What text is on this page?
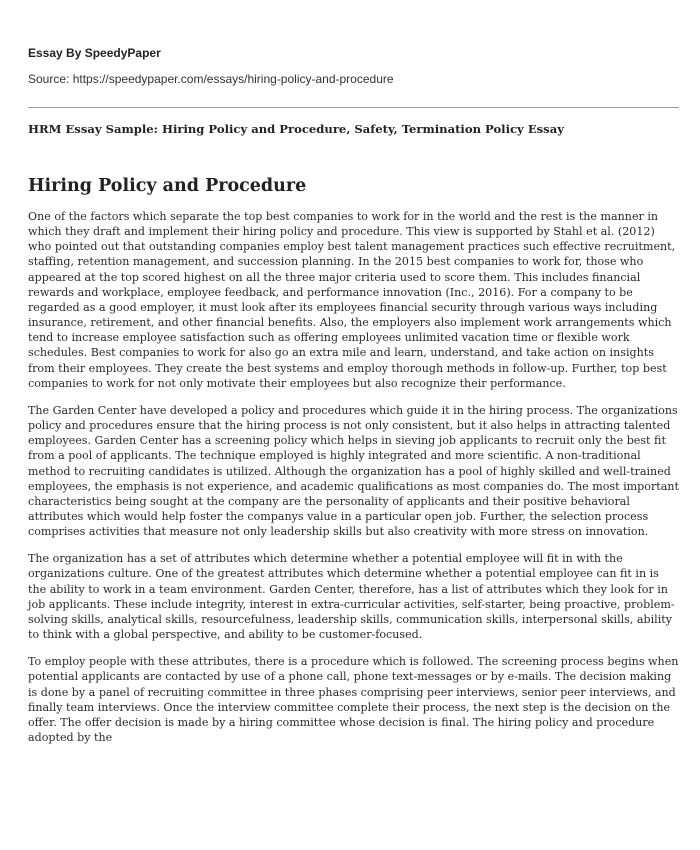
Essay By SpeedyPaper

Source: https://speedypaper.com/essays/hiring-policy-and-procedure

HRM Essay Sample: Hiring Policy and Procedure, Safety, Termination Policy Essay

Hiring Policy and Procedure

One of the factors which separate the top best companies to work for in the world and the rest is the manner in which they draft and implement their hiring policy and procedure. This view is supported by Stahl et al. (2012) who pointed out that outstanding companies employ best talent management practices such effective recruitment, staffing, retention management, and succession planning. In the 2015 best companies to work for, those who appeared at the top scored highest on all the three major criteria used to score them. This includes financial rewards and workplace, employee feedback, and performance innovation (Inc., 2016). For a company to be regarded as a good employer, it must look after its employees financial security through various ways including insurance, retirement, and other financial benefits. Also, the employers also implement work arrangements which tend to increase employee satisfaction such as offering employees unlimited vacation time or flexible work schedules. Best companies to work for also go an extra mile and learn, understand, and take action on insights from their employees. They create the best systems and employ thorough methods in follow-up. Further, top best companies to work for not only motivate their employees but also recognize their performance.

The Garden Center have developed a policy and procedures which guide it in the hiring process. The organizations policy and procedures ensure that the hiring process is not only consistent, but it also helps in attracting talented employees. Garden Center has a screening policy which helps in sieving job applicants to recruit only the best fit from a pool of applicants. The technique employed is highly integrated and more scientific. A non-traditional method to recruiting candidates is utilized. Although the organization has a pool of highly skilled and well-trained employees, the emphasis is not experience, and academic qualifications as most companies do. The most important characteristics being sought at the company are the personality of applicants and their positive behavioral attributes which would help foster the companys value in a particular open job. Further, the selection process comprises activities that measure not only leadership skills but also creativity with more stress on innovation.

The organization has a set of attributes which determine whether a potential employee will fit in with the organizations culture. One of the greatest attributes which determine whether a potential employee can fit in is the ability to work in a team environment. Garden Center, therefore, has a list of attributes which they look for in job applicants. These include integrity, interest in extra-curricular activities, self-starter, being proactive, problem-solving skills, analytical skills, resourcefulness, leadership skills, communication skills, interpersonal skills, ability to think with a global perspective, and ability to be customer-focused.

To employ people with these attributes, there is a procedure which is followed. The screening process begins when potential applicants are contacted by use of a phone call, phone text-messages or by e-mails. The decision making is done by a panel of recruiting committee in three phases comprising peer interviews, senior peer interviews, and finally team interviews. Once the interview committee complete their process, the next step is the decision on the offer. The offer decision is made by a hiring committee whose decision is final. The hiring policy and procedure adopted by the
